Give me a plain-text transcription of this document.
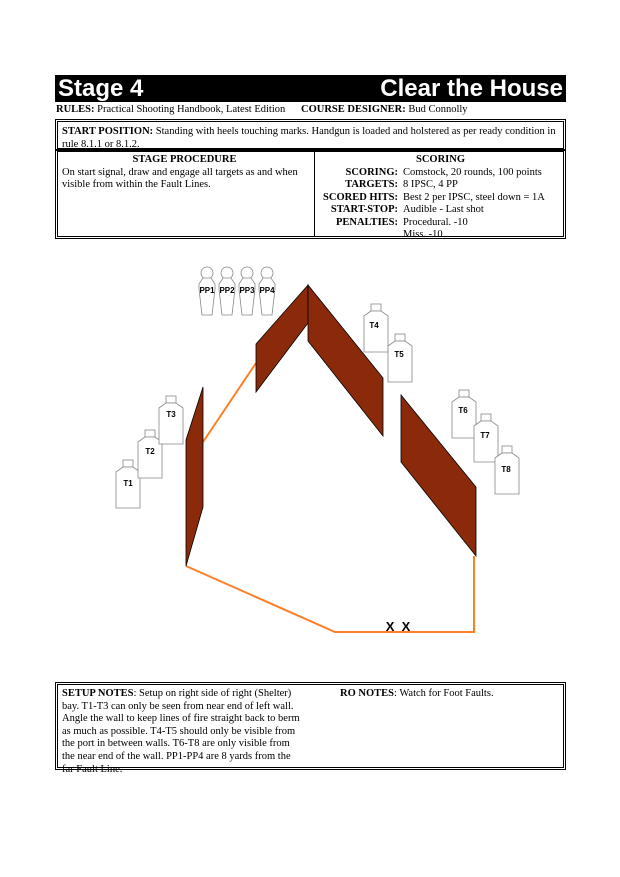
Stage 4	Clear the House
RULES: Practical Shooting Handbook, Latest Edition COURSE DESIGNER: Bud Connolly
START POSITION: Standing with heels touching marks. Handgun is loaded and holstered as per ready condition in rule 8.1.1 or 8.1.2.
STAGE PROCEDURE
On start signal, draw and engage all targets as and when visible from within the Fault Lines.
SCORING
SCORING: Comstock, 20 rounds, 100 points
TARGETS: 8 IPSC, 4 PP
SCORED HITS: Best 2 per IPSC, steel down = 1A
START-STOP: Audible - Last shot
PENALTIES: Procedural. -10
Miss. -10
PP1 PP2 PP3 PP4
T1
T2
T3
T4
T5
T6
T7
T8
X  X
SETUP NOTES: Setup on right side of right (Shelter) bay. T1-T3 can only be seen from near end of left wall. Angle the wall to keep lines of fire straight back to berm as much as possible. T4-T5 should only be visible from the port in between walls. T6-T8 are only visible from the near end of the wall. PP1-PP4 are 8 yards from the far Fault Line.
RO NOTES: Watch for Foot Faults.
